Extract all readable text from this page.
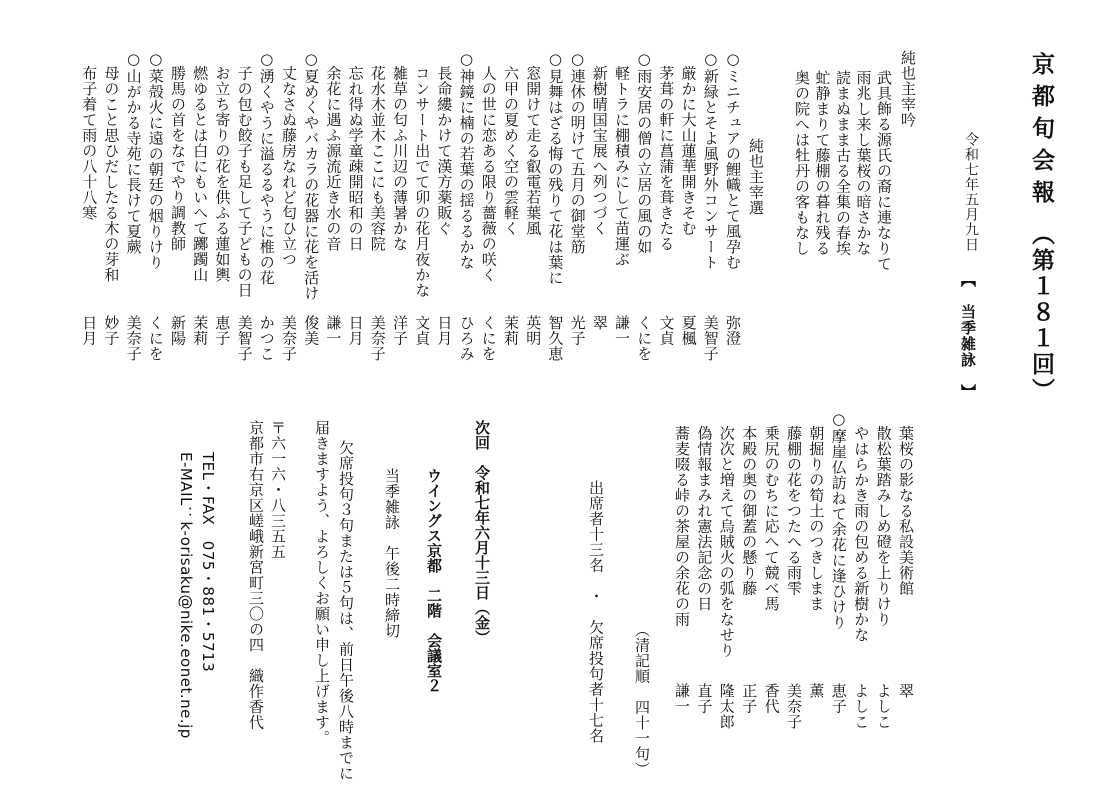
京都旬会報
（第１８１回）
令和七年五月九日
【　当季雑詠　】
純也主宰吟
武具飾る源氏の裔に連なりて
雨兆し来し葉桜の暗さかな
読まぬまま古る全集の春埃
虻静まりて藤棚の暮れ残る
奥の院へは牡丹の客もなし
純也主宰選
○ミニチュアの鯉幟とて風孕む
弥澄
○新緑とそよ風野外コンサート
美智子
　厳かに大山蓮華開きそむ
夏楓
　茅葺の軒に菖蒲を葺きたる
文貞
○雨安居の僧の立居の風の如
くにを
　軽トラに棚積みにして苗運ぶ
謙一
　新樹晴国宝展へ列つづく
翠
○連休の明けて五月の御堂筋
光子
○見舞はざる悔の残りて花は葉に
智久恵
　窓開けて走る叡電若葉風
英明
　六甲の夏めく空の雲軽く
茉莉
　人の世に恋ある限り薔薇の咲く
くにを
○神鏡に楠の若葉の揺るるかな
ひろみ
　長命縷かけて漢方薬販ぐ
日月
　コンサート出でて卯の花月夜かな
文貞
　雑草の匂ふ川辺の薄暑かな
洋子
　花水木並木ここにも美容院
美奈子
　忘れ得ぬ学童疎開昭和の日
日月
　余花に遇ふ源流近き水の音
謙一
○夏めくやバカラの花器に花を活け
俊美
　丈なさぬ藤房なれど匂ひ立つ
美奈子
○湧くやうに溢るるやうに椎の花
かつこ
　子の包む餃子も足して子どもの日
美智子
　お立ち寄りの花を供ふる蓮如輿
恵子
　燃ゆるとは白にもいへて躑躅山
茉莉
　勝馬の首をなでやり調教師
新陽
○菜殻火に遠の朝廷の烟りけり
くにを
○山がかる寺苑に長けて夏蕨
美奈子
　母のこと思ひだしたる木の芽和
妙子
　布子着て雨の八十八寒
日月
　葉桜の影なる私設美術館
翠
　散松葉踏みしめ磴を上りけり
よしこ
　やはらかき雨の包める新樹かな
よしこ
○摩崖仏訪ねて余花に逢ひけり
恵子
　朝掘りの筍土のつきしまま
薫
　藤棚の花をつたへる雨雫
美奈子
　乗尻のむちに応へて競べ馬
香代
　本殿の奥の御蓋の懸り藤
正子
　次次と増えて烏賊火の弧をなせり
隆太郎
　偽情報まみれ憲法記念の日
直子
　蕎麦啜る峠の茶屋の余花の雨
謙一
（清記順　四十一句）
出席者十三名　・　欠席投句者十七名
次回　令和七年六月十三日（金）
ウイングス京都　二階　会議室２
当季雑詠　午後二時締切
欠席投句３句または５句は、前日午後八時までに
届きますよう、よろしくお願い申し上げます。
〒六一六・八三五五
京都市右京区嵯峨新宮町三〇の四　織作香代
TEL・FAX　075・881・5713
E-MAIL：k-orisaku@nike.eonet.ne.jp
